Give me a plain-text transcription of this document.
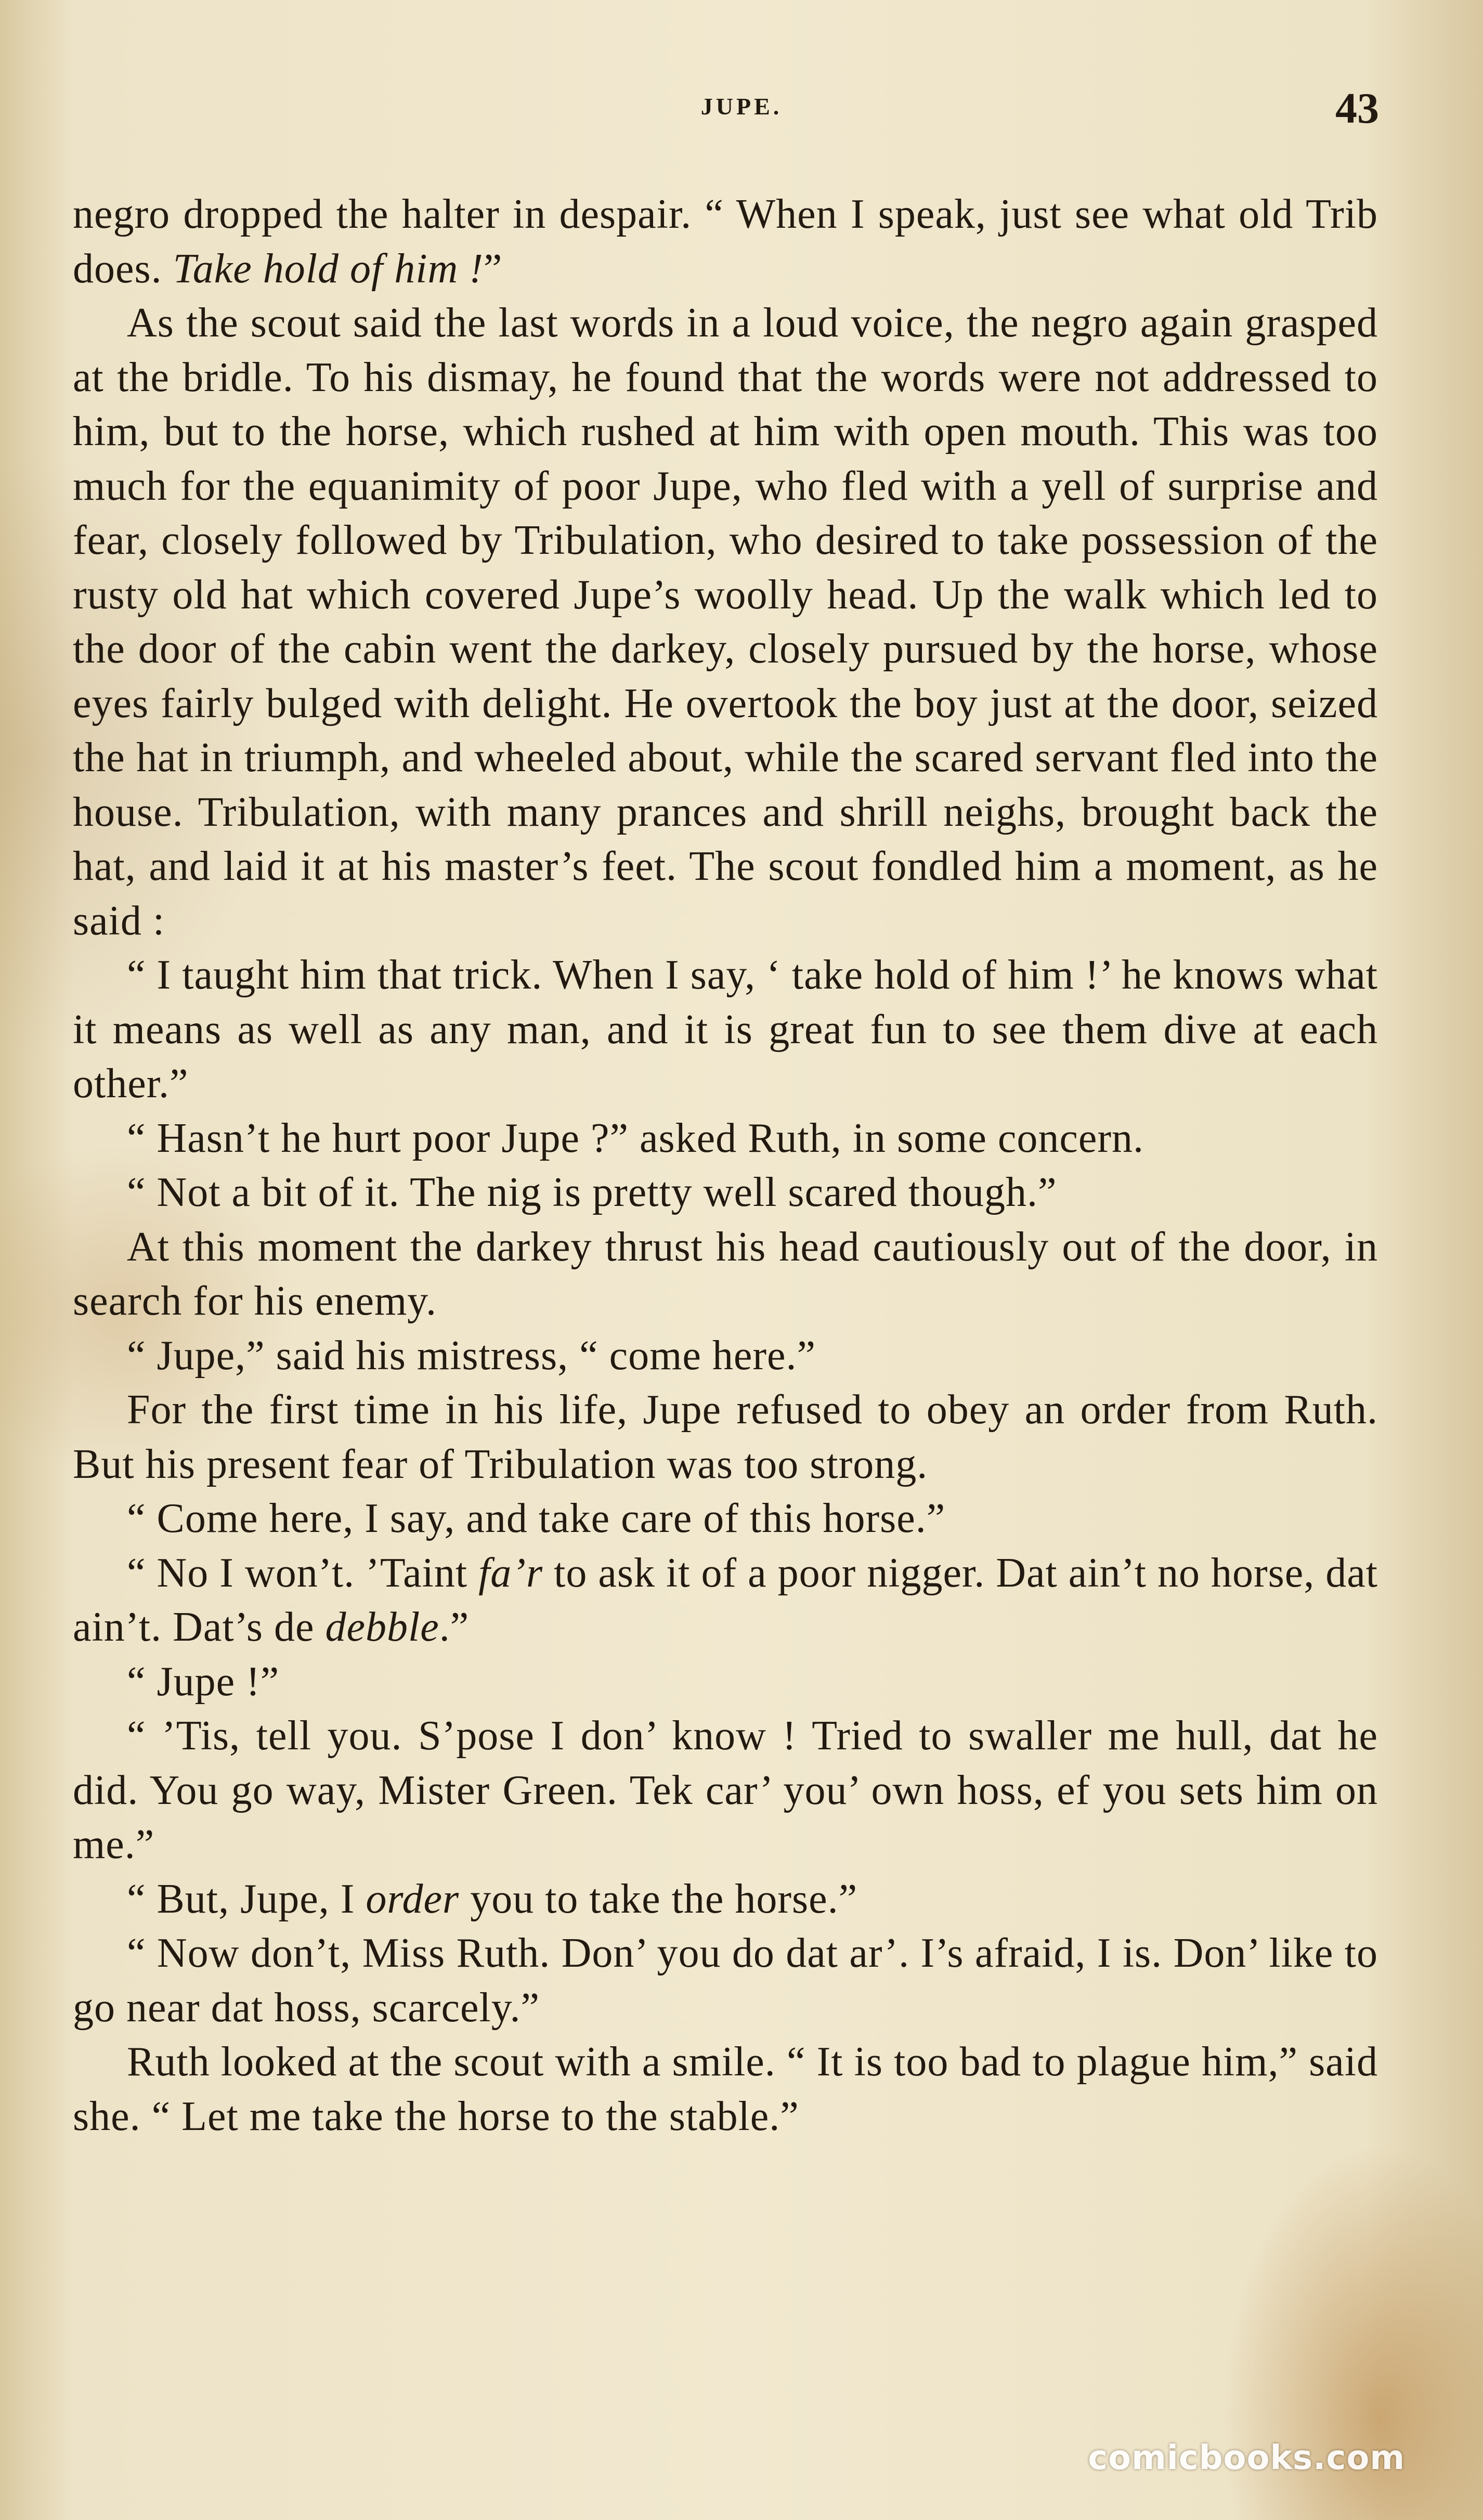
JUPE.	43

negro dropped the halter in despair. “ When I speak, just see what old Trib does. Take hold of him !”

As the scout said the last words in a loud voice, the negro again grasped at the bridle. To his dismay, he found that the words were not addressed to him, but to the horse, which rushed at him with open mouth. This was too much for the equanimity of poor Jupe, who fled with a yell of surprise and fear, closely followed by Tribulation, who desired to take possession of the rusty old hat which covered Jupe’s woolly head. Up the walk which led to the door of the cabin went the darkey, closely pursued by the horse, whose eyes fairly bulged with delight. He overtook the boy just at the door, seized the hat in triumph, and wheeled about, while the scared servant fled into the house. Tribulation, with many prances and shrill neighs, brought back the hat, and laid it at his master’s feet. The scout fondled him a moment, as he said :

“ I taught him that trick. When I say, ‘ take hold of him !’ he knows what it means as well as any man, and it is great fun to see them dive at each other.”

“ Hasn’t he hurt poor Jupe ?” asked Ruth, in some concern.

“ Not a bit of it. The nig is pretty well scared though.”

At this moment the darkey thrust his head cautiously out of the door, in search for his enemy.

“ Jupe,” said his mistress, “ come here.”

For the first time in his life, Jupe refused to obey an order from Ruth. But his present fear of Tribulation was too strong.

“ Come here, I say, and take care of this horse.”

“ No I won’t. ’Taint fa’r to ask it of a poor nigger. Dat ain’t no horse, dat ain’t. Dat’s de debble.”

“ Jupe !”

“ ’Tis, tell you. S’pose I don’ know ! Tried to swaller me hull, dat he did. You go way, Mister Green. Tek car’ you’ own hoss, ef you sets him on me.”

“ But, Jupe, I order you to take the horse.”

“ Now don’t, Miss Ruth. Don’ you do dat ar’. I’s afraid, I is. Don’ like to go near dat hoss, scarcely.”

Ruth looked at the scout with a smile. “ It is too bad to plague him,” said she. “ Let me take the horse to the stable.”

comicbooks.com
